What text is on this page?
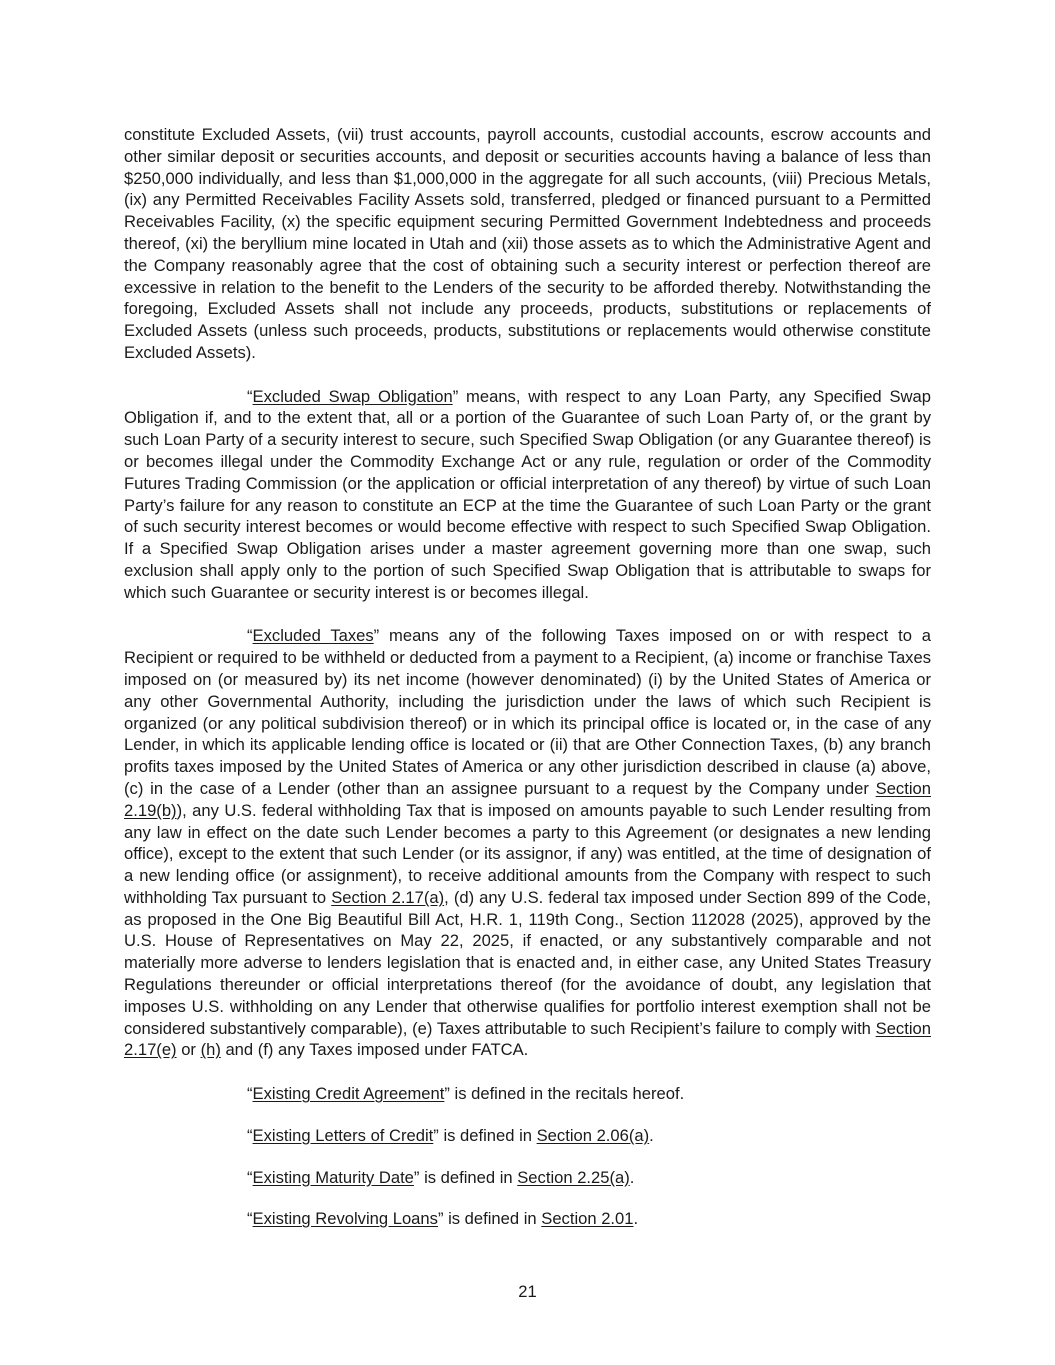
constitute Excluded Assets, (vii) trust accounts, payroll accounts, custodial accounts, escrow accounts and other similar deposit or securities accounts, and deposit or securities accounts having a balance of less than $250,000 individually, and less than $1,000,000 in the aggregate for all such accounts, (viii) Precious Metals, (ix) any Permitted Receivables Facility Assets sold, transferred, pledged or financed pursuant to a Permitted Receivables Facility, (x) the specific equipment securing Permitted Government Indebtedness and proceeds thereof, (xi) the beryllium mine located in Utah and (xii) those assets as to which the Administrative Agent and the Company reasonably agree that the cost of obtaining such a security interest or perfection thereof are excessive in relation to the benefit to the Lenders of the security to be afforded thereby. Notwithstanding the foregoing, Excluded Assets shall not include any proceeds, products, substitutions or replacements of Excluded Assets (unless such proceeds, products, substitutions or replacements would otherwise constitute Excluded Assets).

“Excluded Swap Obligation” means, with respect to any Loan Party, any Specified Swap Obligation if, and to the extent that, all or a portion of the Guarantee of such Loan Party of, or the grant by such Loan Party of a security interest to secure, such Specified Swap Obligation (or any Guarantee thereof) is or becomes illegal under the Commodity Exchange Act or any rule, regulation or order of the Commodity Futures Trading Commission (or the application or official interpretation of any thereof) by virtue of such Loan Party’s failure for any reason to constitute an ECP at the time the Guarantee of such Loan Party or the grant of such security interest becomes or would become effective with respect to such Specified Swap Obligation. If a Specified Swap Obligation arises under a master agreement governing more than one swap, such exclusion shall apply only to the portion of such Specified Swap Obligation that is attributable to swaps for which such Guarantee or security interest is or becomes illegal.

“Excluded Taxes” means any of the following Taxes imposed on or with respect to a Recipient or required to be withheld or deducted from a payment to a Recipient, (a) income or franchise Taxes imposed on (or measured by) its net income (however denominated) (i) by the United States of America or any other Governmental Authority, including the jurisdiction under the laws of which such Recipient is organized (or any political subdivision thereof) or in which its principal office is located or, in the case of any Lender, in which its applicable lending office is located or (ii) that are Other Connection Taxes, (b) any branch profits taxes imposed by the United States of America or any other jurisdiction described in clause (a) above, (c) in the case of a Lender (other than an assignee pursuant to a request by the Company under Section 2.19(b)), any U.S. federal withholding Tax that is imposed on amounts payable to such Lender resulting from any law in effect on the date such Lender becomes a party to this Agreement (or designates a new lending office), except to the extent that such Lender (or its assignor, if any) was entitled, at the time of designation of a new lending office (or assignment), to receive additional amounts from the Company with respect to such withholding Tax pursuant to Section 2.17(a), (d) any U.S. federal tax imposed under Section 899 of the Code, as proposed in the One Big Beautiful Bill Act, H.R. 1, 119th Cong., Section 112028 (2025), approved by the U.S. House of Representatives on May 22, 2025, if enacted, or any substantively comparable and not materially more adverse to lenders legislation that is enacted and, in either case, any United States Treasury Regulations thereunder or official interpretations thereof (for the avoidance of doubt, any legislation that imposes U.S. withholding on any Lender that otherwise qualifies for portfolio interest exemption shall not be considered substantively comparable), (e) Taxes attributable to such Recipient’s failure to comply with Section 2.17(e) or (h) and (f) any Taxes imposed under FATCA.

“Existing Credit Agreement” is defined in the recitals hereof.

“Existing Letters of Credit” is defined in Section 2.06(a).

“Existing Maturity Date” is defined in Section 2.25(a).

“Existing Revolving Loans” is defined in Section 2.01.

21
